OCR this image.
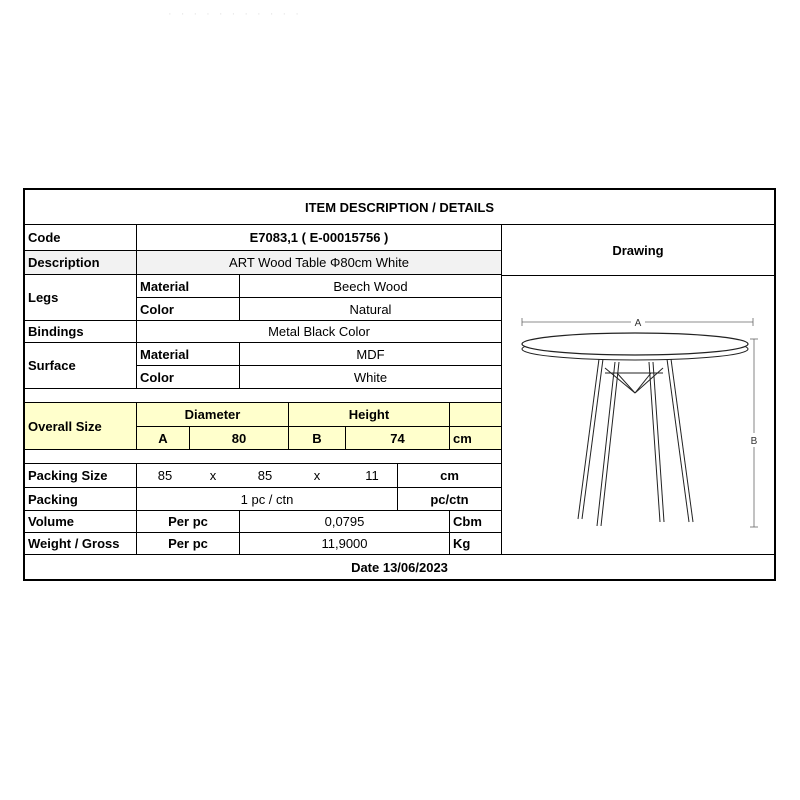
· · · · · · · · · · ·
ITEM DESCRIPTION / DETAILS
Code	E7083,1 ( E-00015756 )
Description	ART Wood Table Φ80cm White
Legs
Material	Beech Wood
Color	Natural
Bindings	Metal Black Color
Surface
Material	MDF
Color	White
Overall Size
Diameter	Height
A	80	B	74	cm
Packing Size	85	x	85	x	11	cm
Packing	1 pc / ctn	pc/ctn
Volume	Per pc	0,0795	Cbm
Weight / Gross	Per pc	11,9000	Kg
Drawing
Date 13/06/2023
A
B
